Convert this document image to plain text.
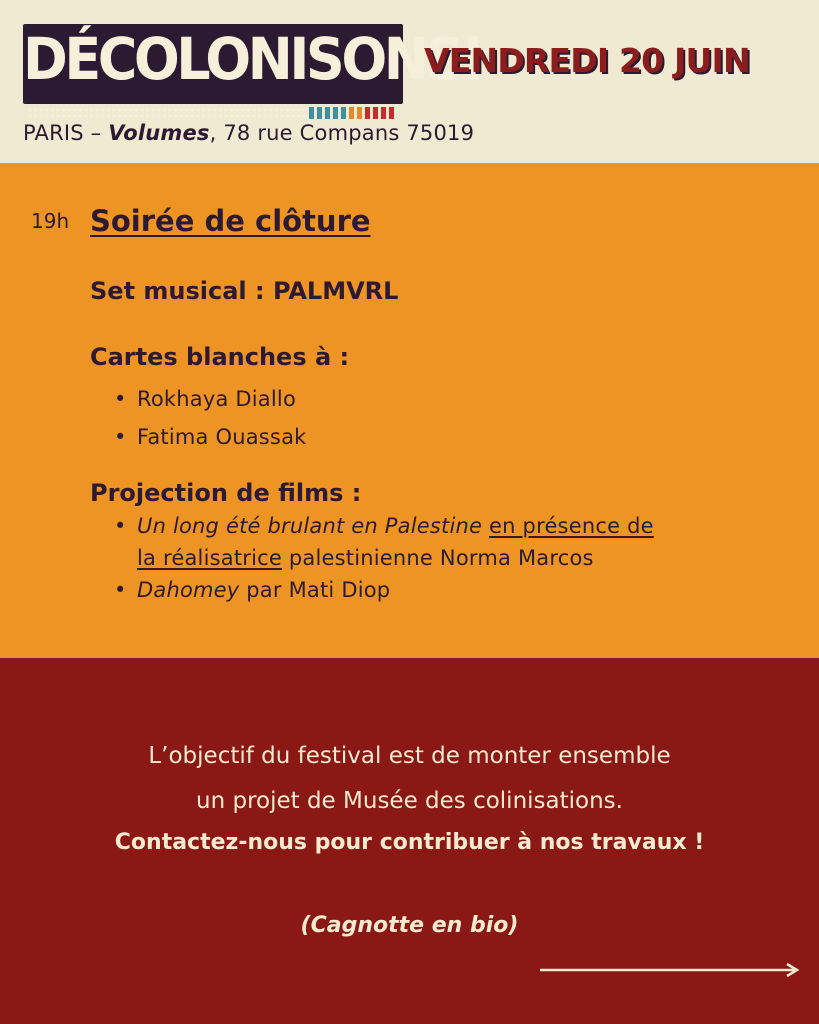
DÉCOLONISONS!
VENDREDI 20 JUIN
PARIS – Volumes, 78 rue Compans 75019
19h Soirée de clôture
Set musical : PALMVRL
Cartes blanches à :
• Rokhaya Diallo
• Fatima Ouassak
Projection de films :
• Un long été brulant en Palestine en présence de
la réalisatrice palestinienne Norma Marcos
• Dahomey par Mati Diop
L’objectif du festival est de monter ensemble
un projet de Musée des colinisations.
Contactez-nous pour contribuer à nos travaux !
(Cagnotte en bio)
